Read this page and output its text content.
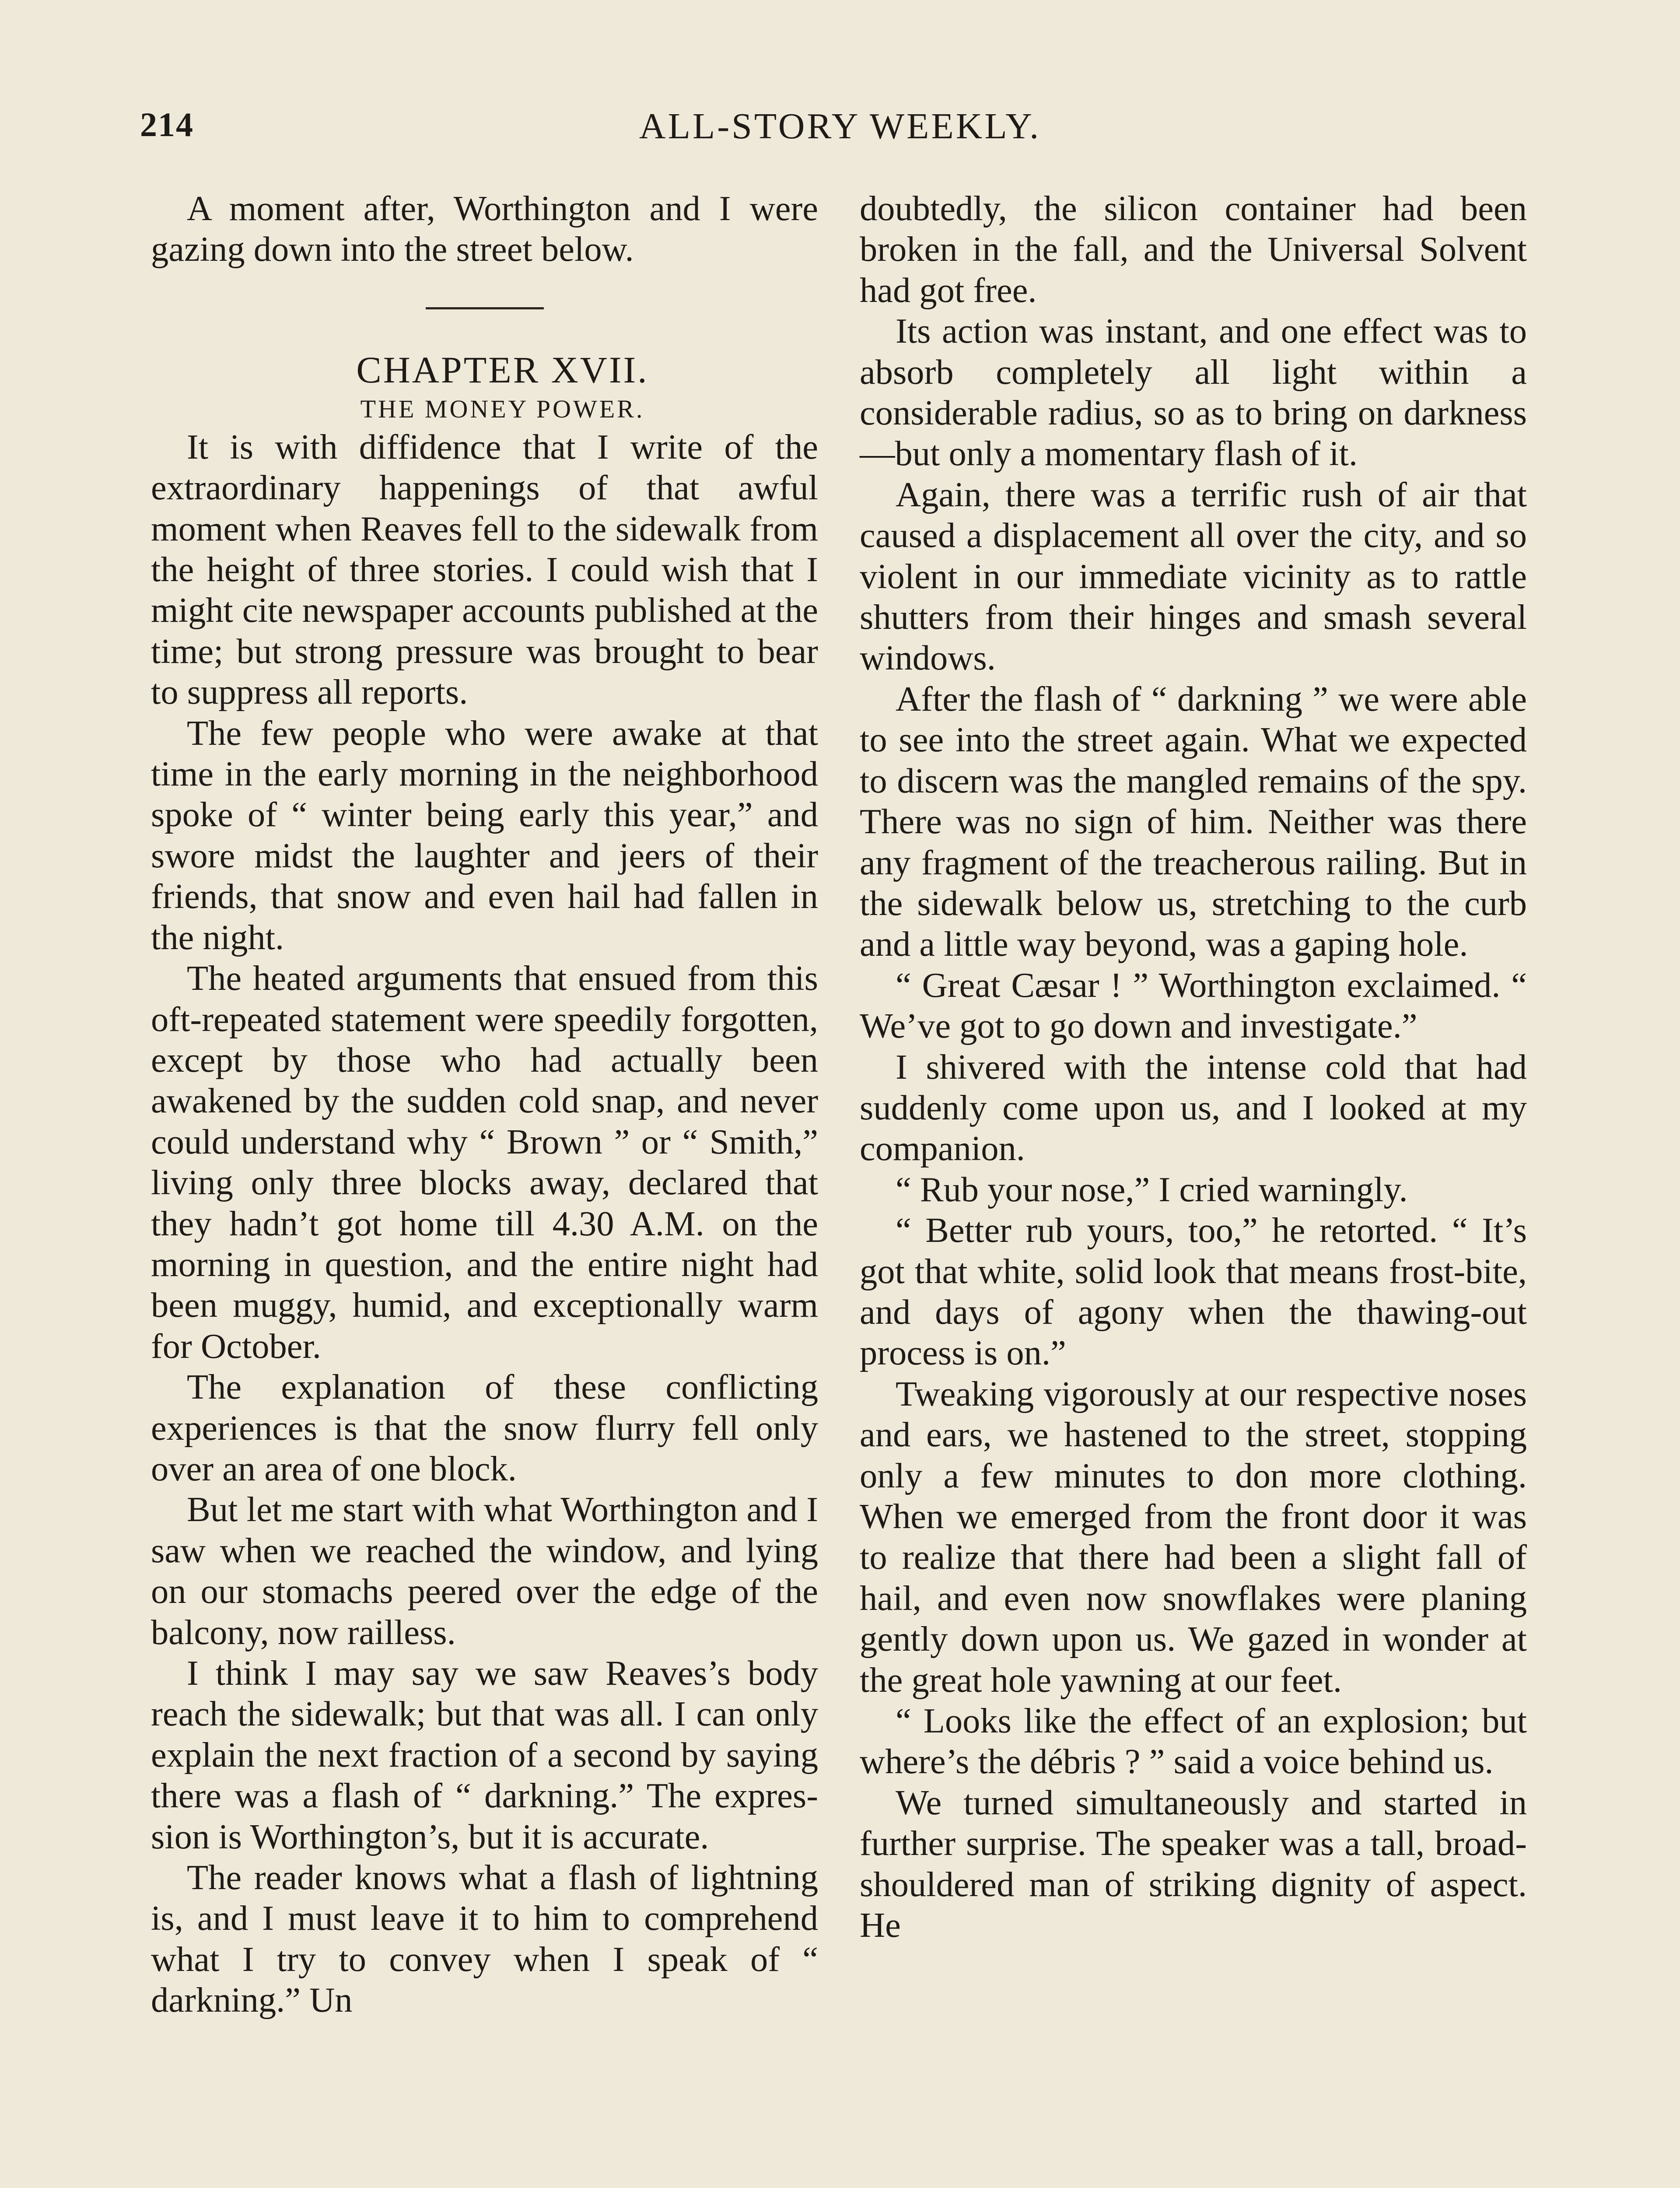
214	ALL-STORY WEEKLY.

A moment after, Worthington and I were gazing down into the street below.

CHAPTER XVII.

THE MONEY POWER.

It is with diffidence that I write of the extraordinary happenings of that awful moment when Reaves fell to the sidewalk from the height of three stories. I could wish that I might cite newspaper accounts published at the time; but strong pressure was brought to bear to suppress all reports.

The few people who were awake at that time in the early morning in the neighborhood spoke of “ winter being early this year,” and swore midst the laughter and jeers of their friends, that snow and even hail had fallen in the night.

The heated arguments that ensued from this oft-repeated statement were speedily forgotten, except by those who had actually been awakened by the sudden cold snap, and never could understand why “ Brown ” or “ Smith,” living only three blocks away, declared that they hadn’t got home till 4.30 A.M. on the morning in question, and the entire night had been muggy, humid, and exceptionally warm for October.

The explanation of these conflicting experiences is that the snow flurry fell only over an area of one block.

But let me start with what Worthington and I saw when we reached the window, and lying on our stomachs peered over the edge of the balcony, now railless.

I think I may say we saw Reaves’s body reach the sidewalk; but that was all. I can only explain the next fraction of a second by saying there was a flash of “ darkning.” The expression is Worthington’s, but it is accurate.

The reader knows what a flash of lightning is, and I must leave it to him to comprehend what I try to convey when I speak of “ darkning.” Un

doubtedly, the silicon container had been broken in the fall, and the Universal Solvent had got free.

Its action was instant, and one effect was to absorb completely all light within a considerable radius, so as to bring on darkness—but only a momentary flash of it.

Again, there was a terrific rush of air that caused a displacement all over the city, and so violent in our immediate vicinity as to rattle shutters from their hinges and smash several windows.

After the flash of “ darkning ” we were able to see into the street again. What we expected to discern was the mangled remains of the spy. There was no sign of him. Neither was there any fragment of the treacherous railing. But in the sidewalk below us, stretching to the curb and a little way beyond, was a gaping hole.

“ Great Cæsar ! ” Worthington exclaimed. “ We’ve got to go down and investigate.”

I shivered with the intense cold that had suddenly come upon us, and I looked at my companion.

“ Rub your nose,” I cried warningly.

“ Better rub yours, too,” he retorted. “ It’s got that white, solid look that means frost-bite, and days of agony when the thawing-out process is on.”

Tweaking vigorously at our respective noses and ears, we hastened to the street, stopping only a few minutes to don more clothing. When we emerged from the front door it was to realize that there had been a slight fall of hail, and even now snowflakes were planing gently down upon us. We gazed in wonder at the great hole yawning at our feet.

“ Looks like the effect of an explosion; but where’s the débris ? ” said a voice behind us.

We turned simultaneously and started in further surprise. The speaker was a tall, broad-shouldered man of striking dignity of aspect. He
